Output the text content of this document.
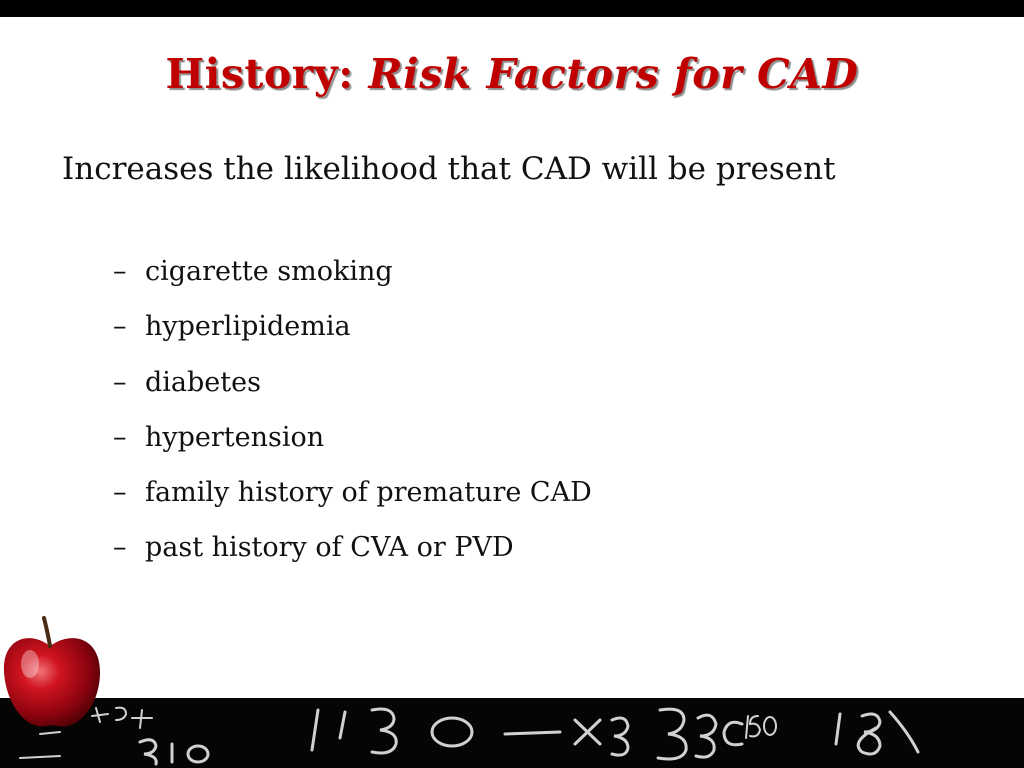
History: Risk Factors for CAD
Increases the likelihood that CAD will be present
– cigarette smoking
– hyperlipidemia
– diabetes
– hypertension
– family history of premature CAD
– past history of CVA or PVD
